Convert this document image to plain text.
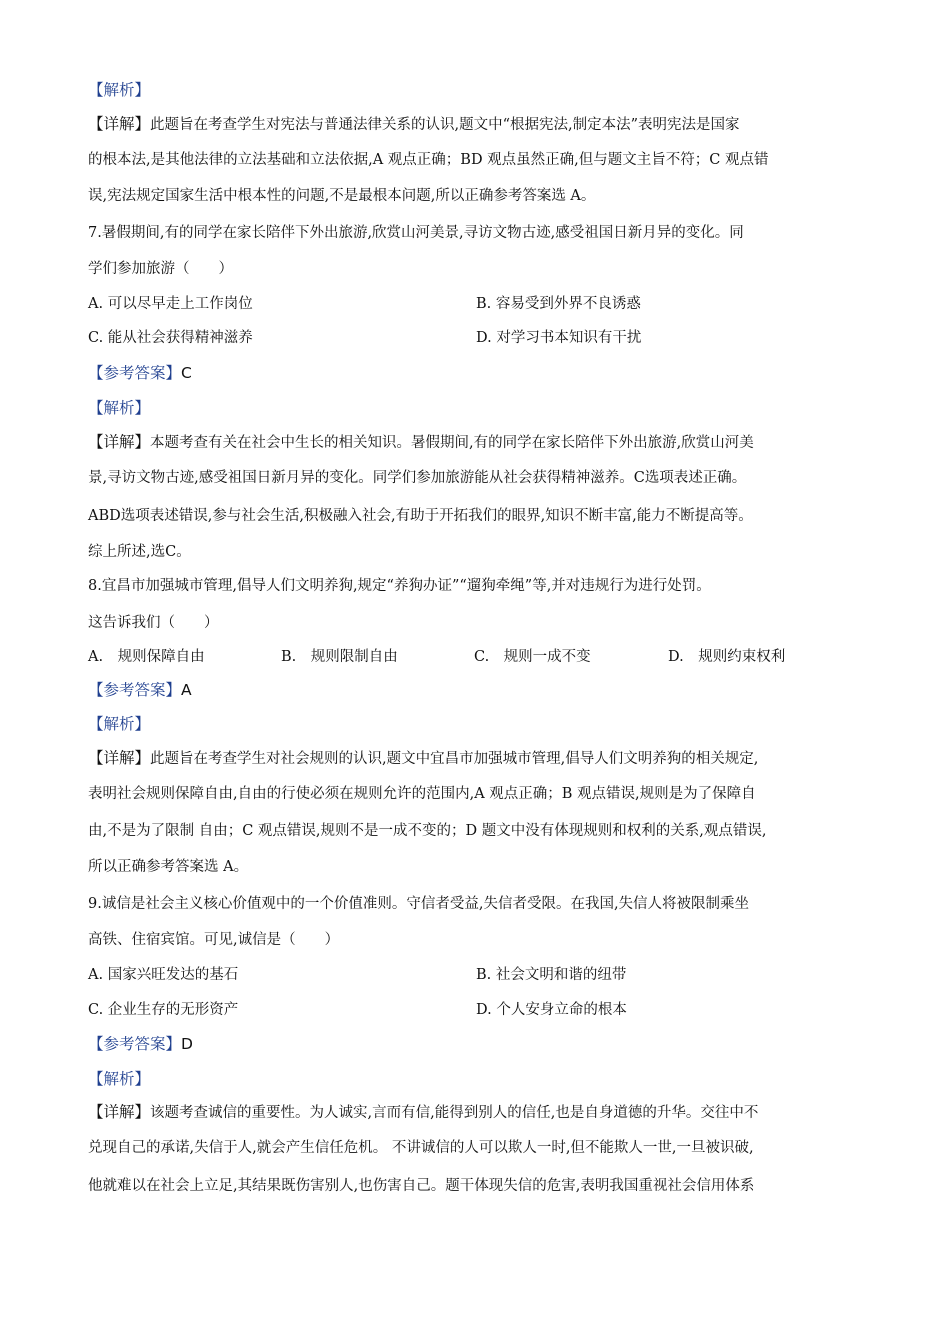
【解析】
【详解】此题旨在考查学生对宪法与普通法律关系的认识,题文中“根据宪法,制定本法”表明宪法是国家
的根本法,是其他法律的立法基础和立法依据,A 观点正确；BD 观点虽然正确,但与题文主旨不符；C 观点错
误,宪法规定国家生活中根本性的问题,不是最根本问题,所以正确参考答案选 A。
7.暑假期间,有的同学在家长陪伴下外出旅游,欣赏山河美景,寻访文物古迹,感受祖国日新月异的变化。同
学们参加旅游（　　）
A. 可以尽早走上工作岗位	B. 容易受到外界不良诱惑
C. 能从社会获得精神滋养	D. 对学习书本知识有干扰
【参考答案】C
【解析】
【详解】本题考查有关在社会中生长的相关知识。暑假期间,有的同学在家长陪伴下外出旅游,欣赏山河美
景,寻访文物古迹,感受祖国日新月异的变化。同学们参加旅游能从社会获得精神滋养。C选项表述正确。
ABD选项表述错误,参与社会生活,积极融入社会,有助于开拓我们的眼界,知识不断丰富,能力不断提高等。
综上所述,选C。
8.宜昌市加强城市管理,倡导人们文明养狗,规定“养狗办证”“遛狗牵绳”等,并对违规行为进行处罚。
这告诉我们（　　）
A.　规则保障自由	B.　规则限制自由	C.　规则一成不变	D.　规则约束权利
【参考答案】A
【解析】
【详解】此题旨在考查学生对社会规则的认识,题文中宜昌市加强城市管理,倡导人们文明养狗的相关规定,
表明社会规则保障自由,自由的行使必须在规则允许的范围内,A 观点正确；B 观点错误,规则是为了保障自
由,不是为了限制 自由；C 观点错误,规则不是一成不变的；D 题文中没有体现规则和权利的关系,观点错误,
所以正确参考答案选 A。
9.诚信是社会主义核心价值观中的一个价值准则。守信者受益,失信者受限。在我国,失信人将被限制乘坐
高铁、住宿宾馆。可见,诚信是（　　）
A. 国家兴旺发达的基石	B. 社会文明和谐的纽带
C. 企业生存的无形资产	D. 个人安身立命的根本
【参考答案】D
【解析】
【详解】该题考查诚信的重要性。为人诚实,言而有信,能得到别人的信任,也是自身道德的升华。交往中不
兑现自己的承诺,失信于人,就会产生信任危机。 不讲诚信的人可以欺人一时,但不能欺人一世,一旦被识破,
他就难以在社会上立足,其结果既伤害别人,也伤害自己。题干体现失信的危害,表明我国重视社会信用体系
